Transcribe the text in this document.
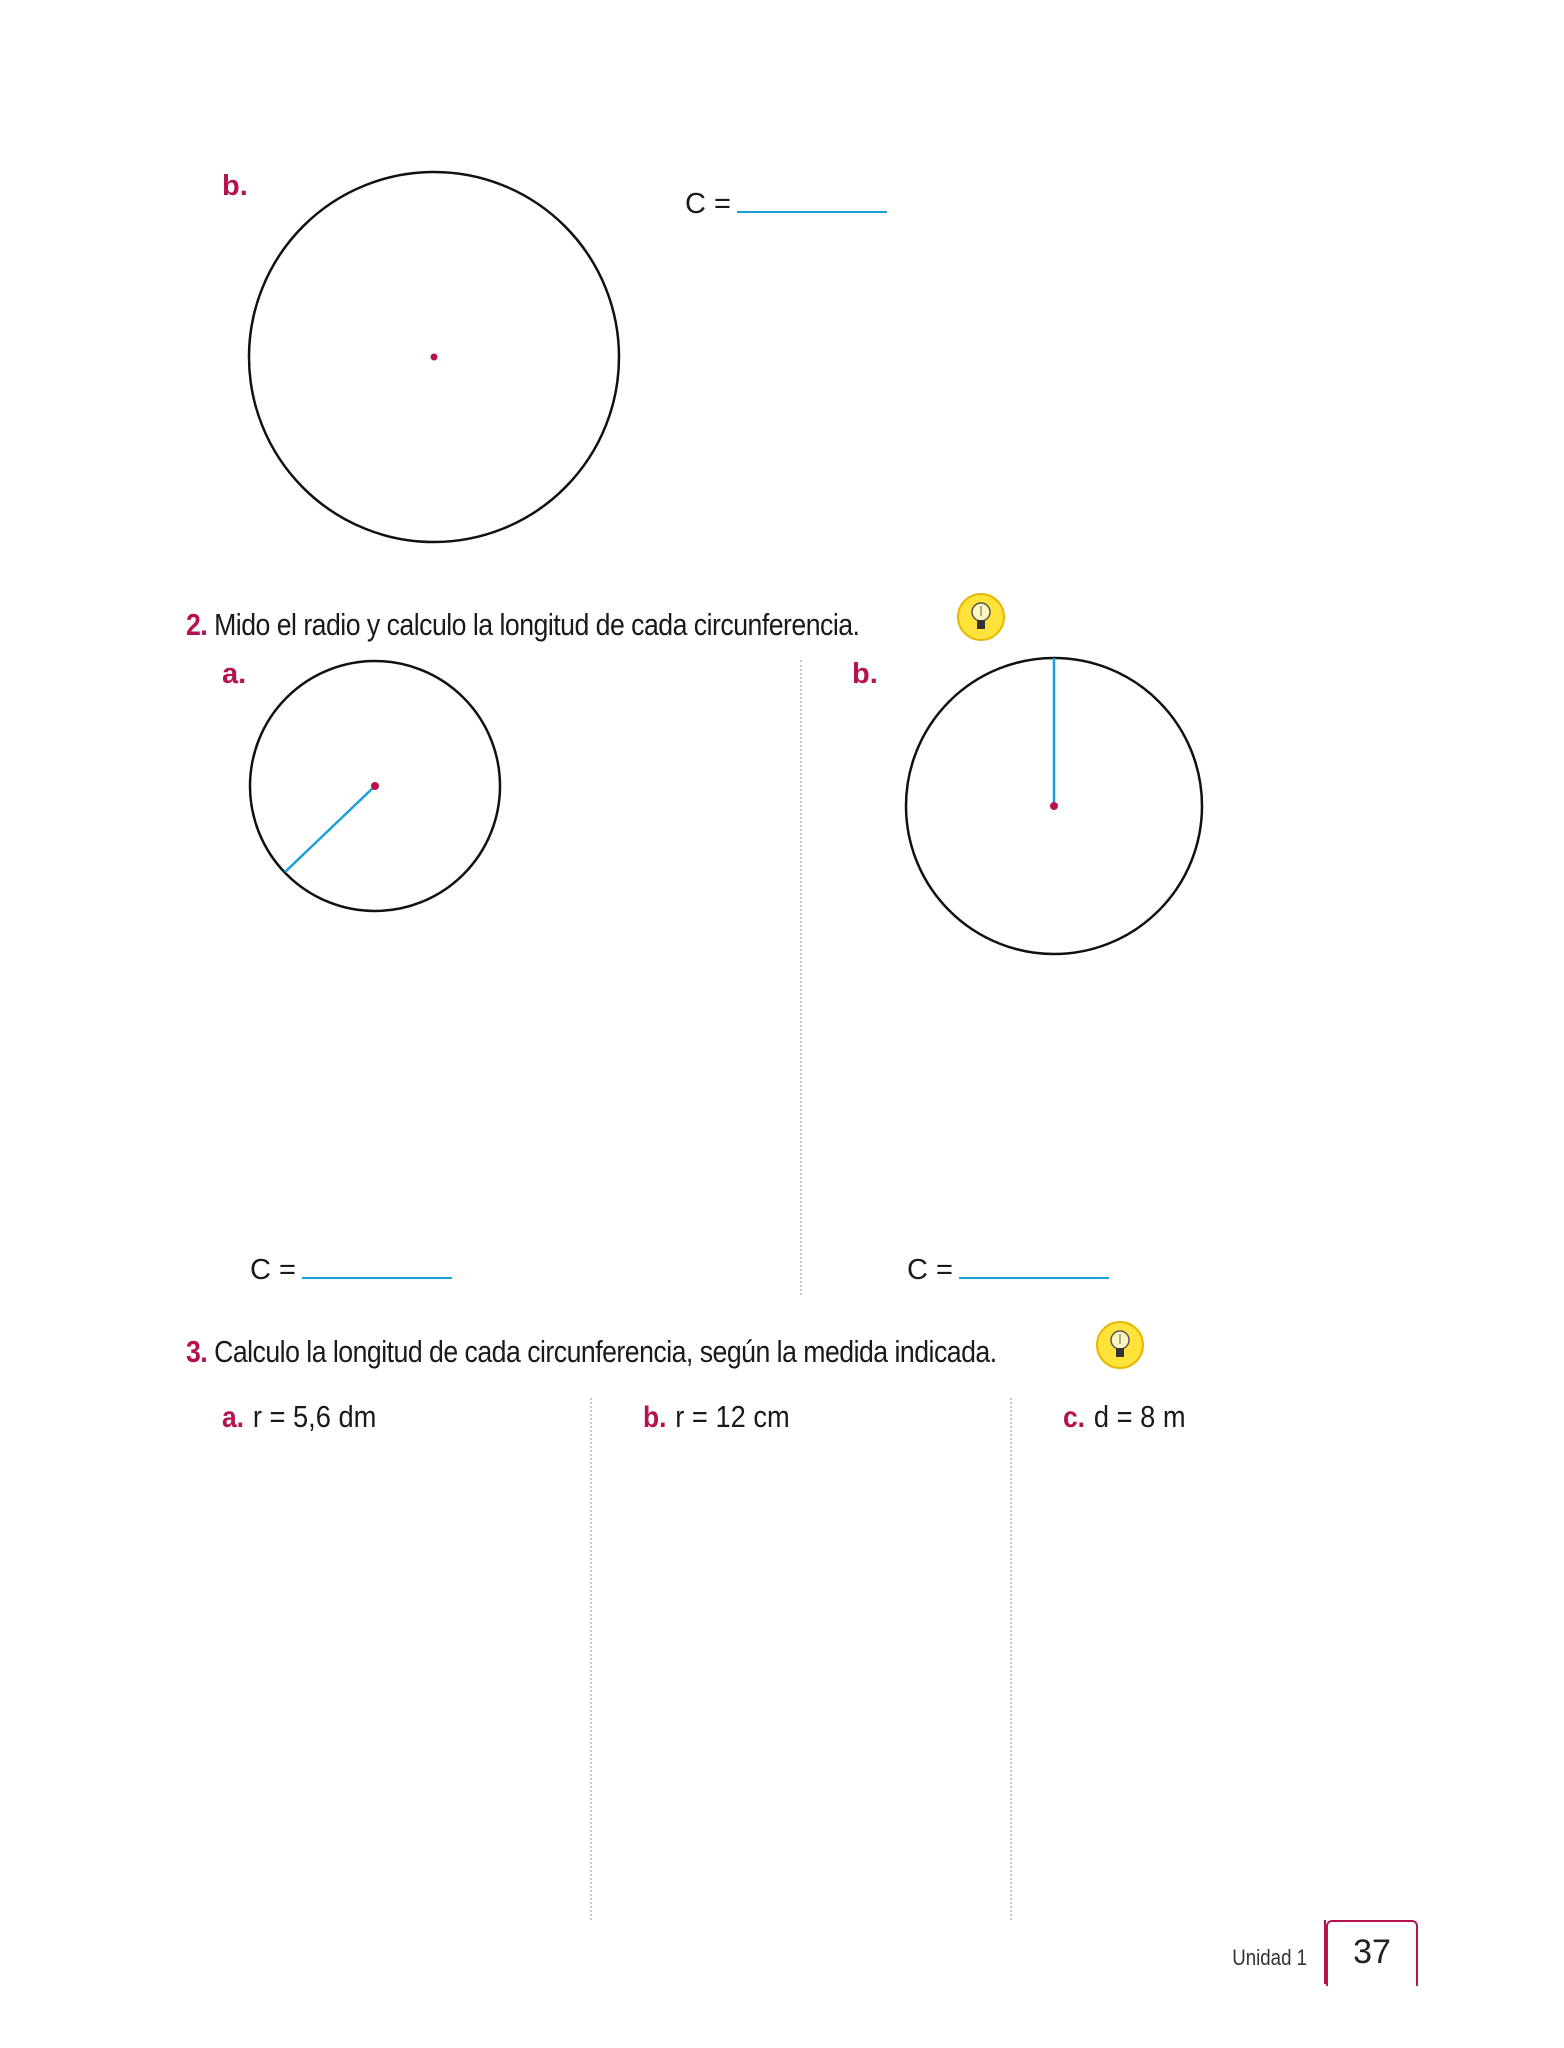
b.
C =
2. Mido el radio y calculo la longitud de cada circunferencia.
a.	b.
C =	C =
3. Calculo la longitud de cada circunferencia, según la medida indicada.
a. r = 5,6 dm	b. r = 12 cm	c. d = 8 m
Unidad 1	37
